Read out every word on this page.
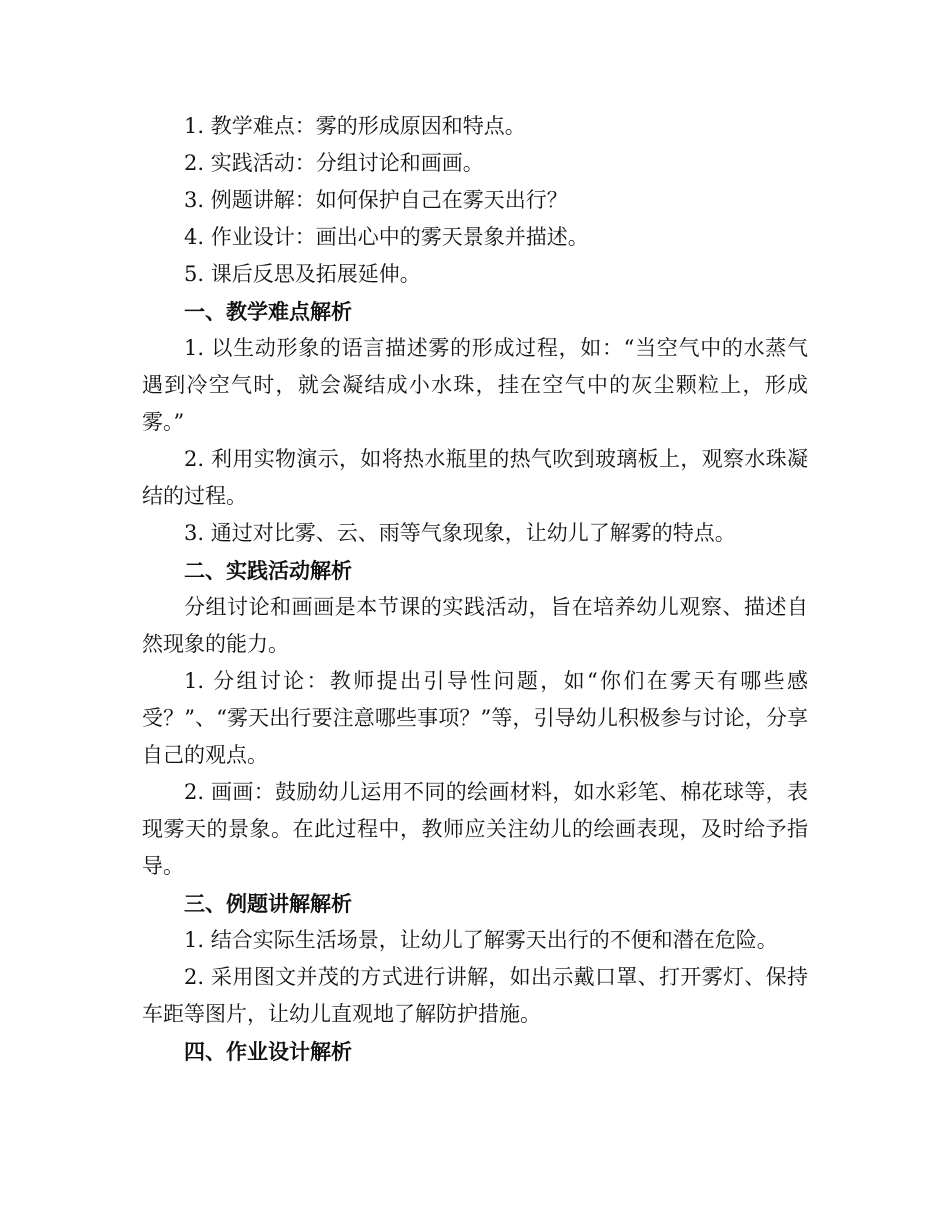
1. 教学难点：雾的形成原因和特点。
2. 实践活动：分组讨论和画画。
3. 例题讲解：如何保护自己在雾天出行？
4. 作业设计：画出心中的雾天景象并描述。
5. 课后反思及拓展延伸。
一、教学难点解析
1. 以生动形象的语言描述雾的形成过程，如：“当空气中的水蒸气遇到冷空气时，就会凝结成小水珠，挂在空气中的灰尘颗粒上，形成雾。”
2. 利用实物演示，如将热水瓶里的热气吹到玻璃板上，观察水珠凝结的过程。
3. 通过对比雾、云、雨等气象现象，让幼儿了解雾的特点。
二、实践活动解析
分组讨论和画画是本节课的实践活动，旨在培养幼儿观察、描述自然现象的能力。
1. 分组讨论：教师提出引导性问题，如“你们在雾天有哪些感受？”、“雾天出行要注意哪些事项？”等，引导幼儿积极参与讨论，分享自己的观点。
2. 画画：鼓励幼儿运用不同的绘画材料，如水彩笔、棉花球等，表现雾天的景象。在此过程中，教师应关注幼儿的绘画表现，及时给予指导。
三、例题讲解解析
1. 结合实际生活场景，让幼儿了解雾天出行的不便和潜在危险。
2. 采用图文并茂的方式进行讲解，如出示戴口罩、打开雾灯、保持车距等图片，让幼儿直观地了解防护措施。
四、作业设计解析
